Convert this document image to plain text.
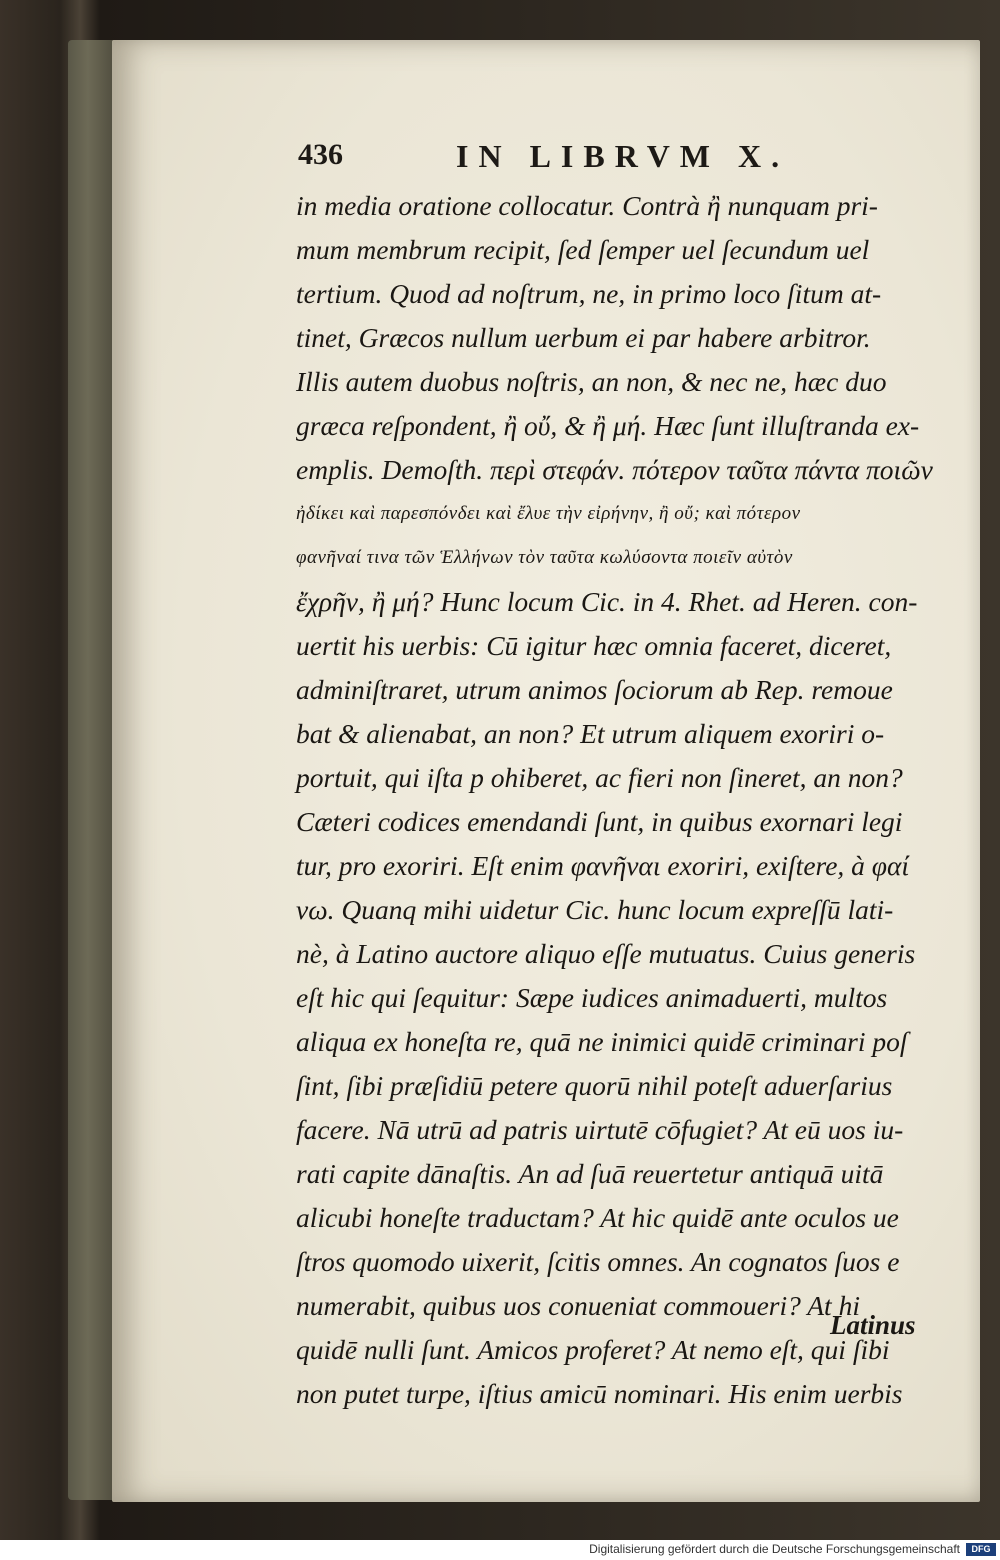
436	IN LIBRVM X.
in media oratione collocatur. Contrà ἢ nunquam pri-
mum membrum recipit, ſed ſemper uel ſecundum uel
tertium. Quod ad noſtrum, ne, in primo loco ſitum at-
tinet, Græcos nullum uerbum ei par habere arbitror.
Illis autem duobus noſtris, an non, & nec ne, hæc duo
græca reſpondent, ἢ οὔ, & ἢ μή. Hæc ſunt illuſtranda ex-
emplis. Demoſth. περὶ στεφάν. πότερον ταῦτα πάντα ποιῶν
ἠδίκει καὶ παρεσπόνδει καὶ ἔλυε τὴν εἰρήνην, ἢ οὔ; καὶ πότερον
φανῆναί τινα τῶν Ἑλλήνων τὸν ταῦτα κωλύσοντα ποιεῖν αὐτὸν
ἔχρῆν, ἢ μή? Hunc locum Cic. in 4. Rhet. ad Heren. con-
uertit his uerbis: Cū igitur hæc omnia faceret, diceret,
adminiſtraret, utrum animos ſociorum ab Rep. remoue
bat & alienabat, an non? Et utrum aliquem exoriri o-
portuit, qui iſta p ohiberet, ac fieri non ſineret, an non?
Cæteri codices emendandi ſunt, in quibus exornari legi
tur, pro exoriri. Eſt enim φανῆναι exoriri, exiſtere, à φαί
νω. Quanq mihi uidetur Cic. hunc locum expreſſū lati-
nè, à Latino auctore aliquo eſſe mutuatus. Cuius generis
eſt hic qui ſequitur: Sæpe iudices animaduerti, multos
aliqua ex honeſta re, quā ne inimici quidē criminari poſ
ſint, ſibi præſidiū petere quorū nihil poteſt aduerſarius
facere. Nā utrū ad patris uirtutē cōfugiet? At eū uos iu-
rati capite dānaſtis. An ad ſuā reuertetur antiquā uitā
alicubi honeſte traductam? At hic quidē ante oculos ue
ſtros quomodo uixerit, ſcitis omnes. An cognatos ſuos e
numerabit, quibus uos conueniat commoueri? At hi
quidē nulli ſunt. Amicos proferet? At nemo eſt, qui ſibi
non putet turpe, iſtius amicū nominari. His enim uerbis
Latinus
Digitalisierung gefördert durch die Deutsche Forschungsgemeinschaft	DFG
